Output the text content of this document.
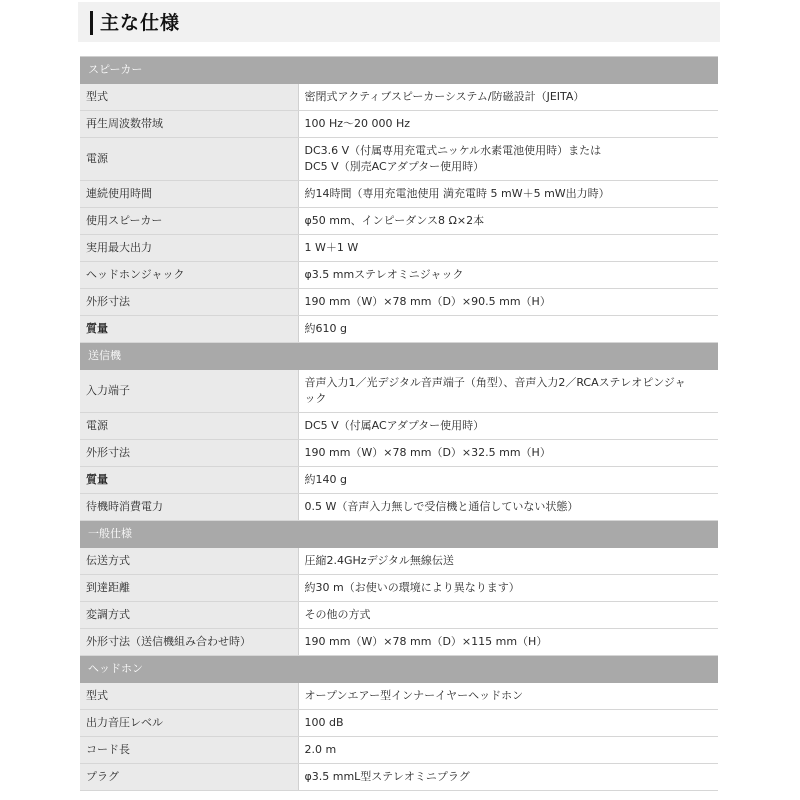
主な仕様
スピーカー	
型式	密閉式アクティブスピーカーシステム/防磁設計（JEITA）
再生周波数帯域	100 Hz～20 000 Hz
電源	DC3.6 V（付属専用充電式ニッケル水素電池使用時）または
DC5 V（別売ACアダプター使用時）

連続使用時間	約14時間（専用充電池使用 満充電時 5 mW＋5 mW出力時）
使用スピーカー	φ50 mm、インピーダンス8 Ω×2本
実用最大出力	1 W＋1 W
ヘッドホンジャック	φ3.5 mmステレオミニジャック
外形寸法	190 mm（W）×78 mm（D）×90.5 mm（H）
質量	約610 g
送信機	
入力端子	音声入力1／光デジタル音声端子（角型）、音声入力2／RCAステレオピンジャ
ック

電源	DC5 V（付属ACアダプター使用時）
外形寸法	190 mm（W）×78 mm（D）×32.5 mm（H）
質量	約140 g
待機時消費電力	0.5 W（音声入力無しで受信機と通信していない状態）
一般仕様	
伝送方式	圧縮2.4GHzデジタル無線伝送
到達距離	約30 m（お使いの環境により異なります）
変調方式	その他の方式
外形寸法（送信機組み合わせ時）	190 mm（W）×78 mm（D）×115 mm（H）
ヘッドホン	
型式	オープンエアー型インナーイヤーヘッドホン
出力音圧レベル	100 dB
コード長	2.0 m
プラグ	φ3.5 mmL型ステレオミニプラグ
